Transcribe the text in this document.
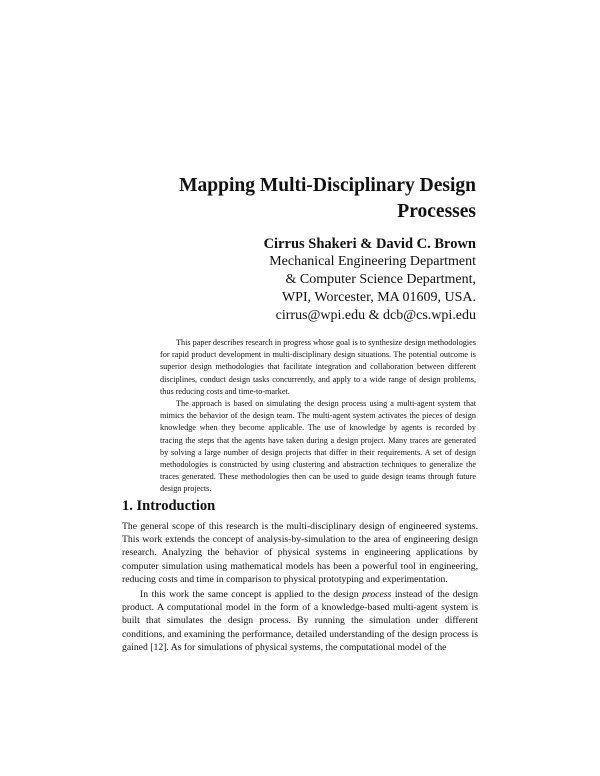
Mapping Multi-Disciplinary Design
Processes
Cirrus Shakeri & David C. Brown
Mechanical Engineering Department
& Computer Science Department,
WPI, Worcester, MA 01609, USA.
cirrus@wpi.edu & dcb@cs.wpi.edu

This paper describes research in progress whose goal is to synthesize design methodologies for rapid product development in multi-disciplinary design situations. The potential outcome is superior design methodologies that facilitate integration and collaboration between different disciplines, conduct design tasks concurrently, and apply to a wide range of design problems, thus reducing costs and time-to-market.

The approach is based on simulating the design process using a multi-agent system that mimics the behavior of the design team. The multi-agent system activates the pieces of design knowledge when they become applicable. The use of knowledge by agents is recorded by tracing the steps that the agents have taken during a design project. Many traces are generated by solving a large number of design projects that differ in their requirements. A set of design methodologies is constructed by using clustering and abstraction techniques to generalize the traces generated. These methodologies then can be used to guide design teams through future design projects.

1. Introduction

The general scope of this research is the multi-disciplinary design of engineered systems. This work extends the concept of analysis-by-simulation to the area of engineering design research. Analyzing the behavior of physical systems in engineering applications by computer simulation using mathematical models has been a powerful tool in engineering, reducing costs and time in comparison to physical prototyping and experimentation.

In this work the same concept is applied to the design process instead of the design product. A computational model in the form of a knowledge-based multi-agent system is built that simulates the design process. By running the simulation under different conditions, and examining the performance, detailed understanding of the design process is gained [12]. As for simulations of physical systems, the computational model of the
